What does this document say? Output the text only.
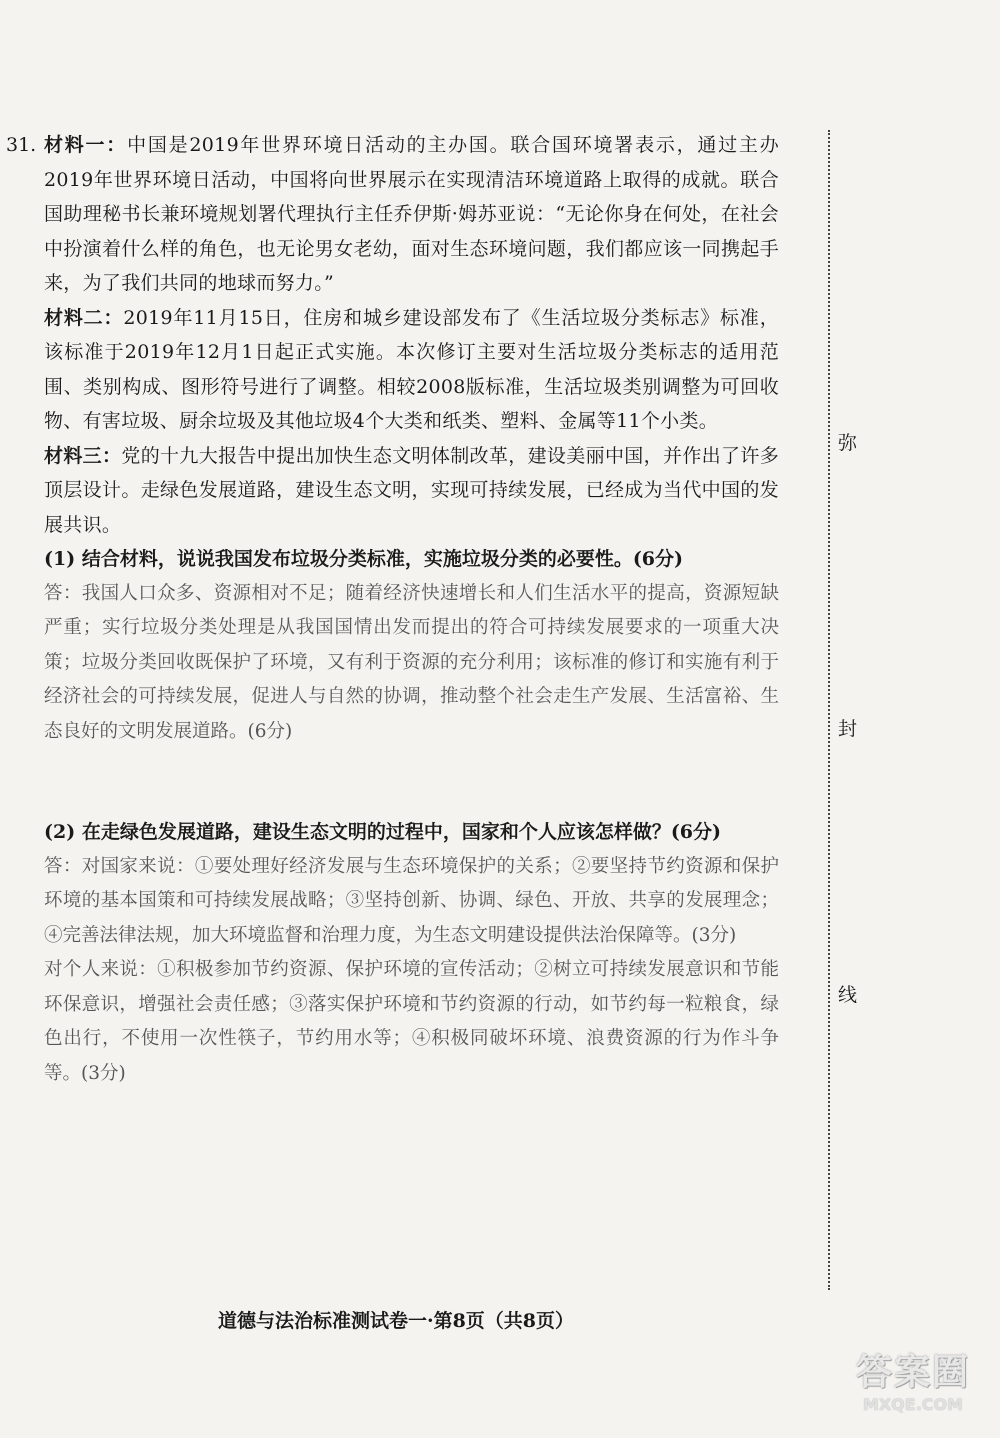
31. 材料一：中国是2019年世界环境日活动的主办国。联合国环境署表示，通过主办2019年世界环境日活动，中国将向世界展示在实现清洁环境道路上取得的成就。联合国助理秘书长兼环境规划署代理执行主任乔伊斯·姆苏亚说：“无论你身在何处，在社会中扮演着什么样的角色，也无论男女老幼，面对生态环境问题，我们都应该一同携起手来，为了我们共同的地球而努力。”

材料二：2019年11月15日，住房和城乡建设部发布了《生活垃圾分类标志》标准，该标准于2019年12月1日起正式实施。本次修订主要对生活垃圾分类标志的适用范围、类别构成、图形符号进行了调整。相较2008版标准，生活垃圾类别调整为可回收物、有害垃圾、厨余垃圾及其他垃圾4个大类和纸类、塑料、金属等11个小类。

材料三：党的十九大报告中提出加快生态文明体制改革，建设美丽中国，并作出了许多顶层设计。走绿色发展道路，建设生态文明，实现可持续发展，已经成为当代中国的发展共识。

(1) 结合材料，说说我国发布垃圾分类标准，实施垃圾分类的必要性。(6分)

答：我国人口众多、资源相对不足；随着经济快速增长和人们生活水平的提高，资源短缺严重；实行垃圾分类处理是从我国国情出发而提出的符合可持续发展要求的一项重大决策；垃圾分类回收既保护了环境，又有利于资源的充分利用；该标准的修订和实施有利于经济社会的可持续发展，促进人与自然的协调，推动整个社会走生产发展、生活富裕、生态良好的文明发展道路。(6分)

(2) 在走绿色发展道路，建设生态文明的过程中，国家和个人应该怎样做？(6分)

答：对国家来说：①要处理好经济发展与生态环境保护的关系；②要坚持节约资源和保护环境的基本国策和可持续发展战略；③坚持创新、协调、绿色、开放、共享的发展理念；④完善法律法规，加大环境监督和治理力度，为生态文明建设提供法治保障等。(3分)

对个人来说：①积极参加节约资源、保护环境的宣传活动；②树立可持续发展意识和节能环保意识，增强社会责任感；③落实保护环境和节约资源的行动，如节约每一粒粮食，绿色出行，不使用一次性筷子，节约用水等；④积极同破坏环境、浪费资源的行为作斗争等。(3分)

弥
封
线
道德与法治标准测试卷一·第8页（共8页）
答案圈
MXQE.COM
